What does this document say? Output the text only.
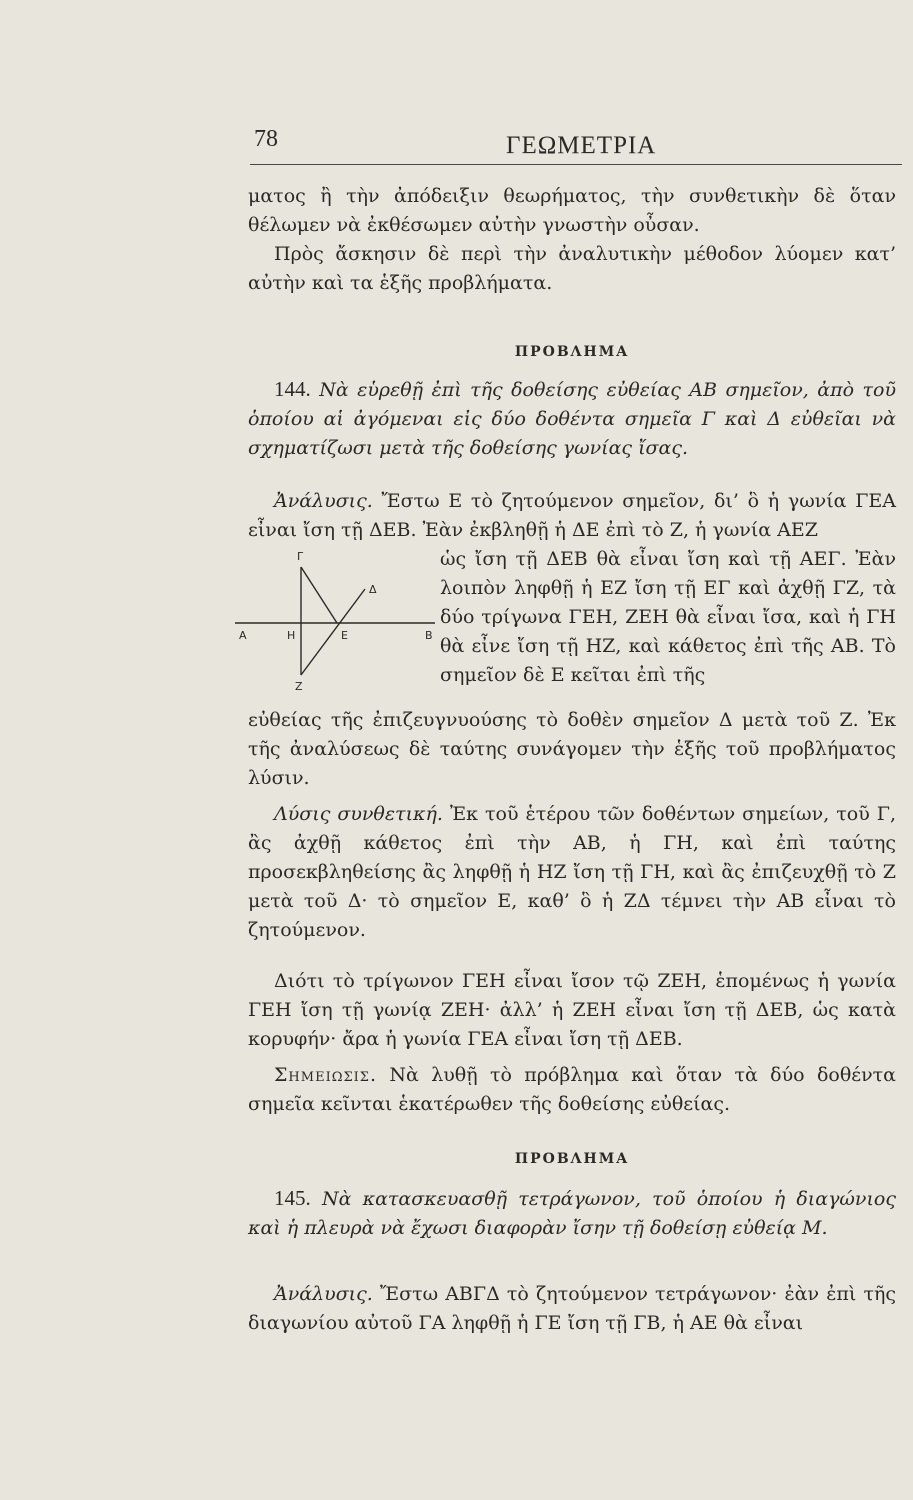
78	ΓΕΩΜΕΤΡΙΑ

ματος ἢ τὴν ἀπόδειξιν θεωρήματος, τὴν συνθετικὴν δὲ ὅταν θέλωμεν νὰ ἐκθέσωμεν αὐτὴν γνωστὴν οὖσαν.

Πρὸς ἄσκησιν δὲ περὶ τὴν ἀναλυτικὴν μέθοδον λύομεν κατ’ αὐτὴν καὶ τα ἑξῆς προβλήματα.

ΠΡΟΒΛΗΜΑ

144. Νὰ εὑρεθῇ ἐπὶ τῆς δοθείσης εὐθείας ΑΒ σημεῖον, ἀπὸ τοῦ ὁποίου αἱ ἀγόμεναι εἰς δύο δοθέντα σημεῖα Γ καὶ Δ εὐθεῖαι νὰ σχηματίζωσι μετὰ τῆς δοθείσης γωνίας ἴσας.

Ἀνάλυσις. Ἔστω Ε τὸ ζητούμενον σημεῖον, δι’ ὃ ἡ γωνία ΓΕΑ εἶναι ἴση τῇ ΔΕΒ. Ἐὰν ἐκβληθῇ ἡ ΔΕ ἐπὶ τὸ Ζ, ἡ γωνία ΑΕΖ

Γ
Δ
Α	Η	Ε	Β
Ζ

ὡς ἴση τῇ ΔΕΒ θὰ εἶναι ἴση καὶ τῇ ΑΕΓ. Ἐὰν λοιπὸν ληφθῇ ἡ ΕΖ ἴση τῇ ΕΓ καὶ ἀχθῇ ΓΖ, τὰ δύο τρίγωνα ΓΕΗ, ΖΕΗ θὰ εἶναι ἴσα, καὶ ἡ ΓΗ θὰ εἶνε ἴση τῇ ΗΖ, καὶ κάθετος ἐπὶ τῆς ΑΒ. Τὸ σημεῖον δὲ Ε κεῖται ἐπὶ τῆς

εὐθείας τῆς ἐπιζευγνυούσης τὸ δοθὲν σημεῖον Δ μετὰ τοῦ Ζ. Ἐκ τῆς ἀναλύσεως δὲ ταύτης συνάγομεν τὴν ἑξῆς τοῦ προβλήματος λύσιν.

Λύσις συνθετική. Ἐκ τοῦ ἑτέρου τῶν δοθέντων σημείων, τοῦ Γ, ἂς ἀχθῇ κάθετος ἐπὶ τὴν ΑΒ, ἡ ΓΗ, καὶ ἐπὶ ταύτης προσεκβληθείσης ἂς ληφθῇ ἡ ΗΖ ἴση τῇ ΓΗ, καὶ ἂς ἐπιζευχθῇ τὸ Ζ μετὰ τοῦ Δ· τὸ σημεῖον Ε, καθ’ ὃ ἡ ΖΔ τέμνει τὴν ΑΒ εἶναι τὸ ζητούμενον.

Διότι τὸ τρίγωνον ΓΕΗ εἶναι ἴσον τῷ ΖΕΗ, ἑπομένως ἡ γωνία ΓΕΗ ἴση τῇ γωνίᾳ ΖΕΗ· ἀλλ’ ἡ ΖΕΗ εἶναι ἴση τῇ ΔΕΒ, ὡς κατὰ κορυφήν· ἄρα ἡ γωνία ΓΕΑ εἶναι ἴση τῇ ΔΕΒ.

Σημειωσις. Νὰ λυθῇ τὸ πρόβλημα καὶ ὅταν τὰ δύο δοθέντα σημεῖα κεῖνται ἑκατέρωθεν τῆς δοθείσης εὐθείας.

ΠΡΟΒΛΗΜΑ

145. Νὰ κατασκευασθῇ τετράγωνον, τοῦ ὁποίου ἡ διαγώνιος καὶ ἡ πλευρὰ νὰ ἔχωσι διαφορὰν ἴσην τῇ δοθείσῃ εὐθείᾳ Μ.

Ἀνάλυσις. Ἔστω ΑΒΓΔ τὸ ζητούμενον τετράγωνον· ἐὰν ἐπὶ τῆς διαγωνίου αὐτοῦ ΓΑ ληφθῇ ἡ ΓΕ ἴση τῇ ΓΒ, ἡ ΑΕ θὰ εἶναι
